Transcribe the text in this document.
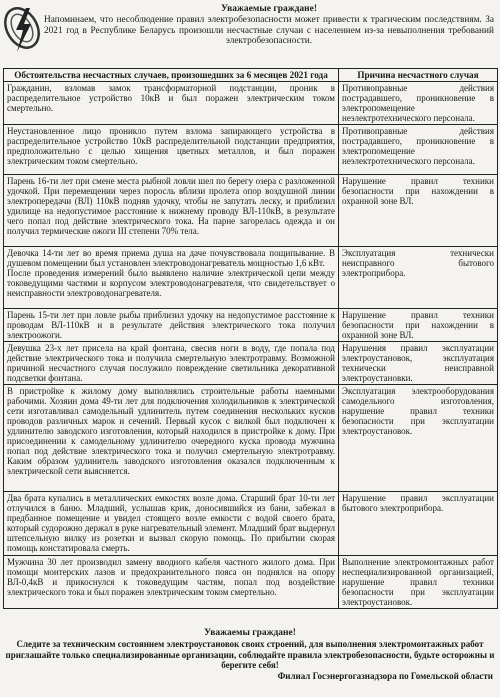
Уважаемые граждане!
Напоминаем, что несоблюдение правил электробезопасности может привести к трагическим последствиям. За 2021 год в Республике Беларусь произошли несчастные случаи с населением из-за невыполнения требований электробезопасности.
Обстоятельства несчастных случаев, произошедших за 6 месяцев 2021 года	Причина несчастного случая
Гражданин, взломав замок трансформаторной подстанции, проник в распределительное устройство 10кВ и был поражен электрическим током смертельно.	Противоправные действия пострадавшего, проникновение в электропомещение неэлектротехнического персонала.
Неустановленное лицо проникло путем взлома запирающего устройства в распределительное устройство 10кВ распределительной подстанции предприятия, предположительно с целью хищения цветных металлов, и был поражен электрическим током смертельно.	Противоправные действия пострадавшего, проникновение в электропомещение неэлектротехнического персонала.
Парень 16-ти лет при смене места рыбной ловли шел по берегу озера с разложенной удочкой. При перемещении через поросль вблизи пролета опор воздушной линии электропередачи (ВЛ) 110кВ подняв удочку, чтобы не запутать леску, и приблизил удилище на недопустимое расстояние к нижнему проводу ВЛ-110кВ, в результате чего попал под действие электрического тока. На парне загорелась одежда и он получил термические ожоги III степени 70% тела.	Нарушение правил техники безопасности при нахождении в охранной зоне ВЛ.
Девочка 14-ти лет во время приема душа на даче почувствовала пощипывание. В душевом помещении был установлен электроводонагреватель мощностью 1,6 кВт.
После проведения измерений было выявлено наличие электрической цепи между токоведущими частями и корпусом электроводонагревателя, что свидетельствует о неисправности электроводонагревателя.	Эксплуатация технически неисправного бытового электроприбора.
Парень 15-ти лет при ловле рыбы приблизил удочку на недопустимое расстояние к проводам ВЛ-110кВ и в результате действия электрического тока получил электроожоги.	Нарушение правил техники безопасности при нахождении в охранной зоне ВЛ.
Девушка 23-х лет присела на край фонтана, свесив ноги в воду, где попала под действие электрического тока и получила смертельную электротравму. Возможной причиной несчастного случая послужило повреждение светильника декоративной подсветки фонтана.	Нарушения правил эксплуатации электроустановок, эксплуатация технически неисправной электроустановки.
В пристройке к жилому дому выполнялись строительные работы наемными рабочими. Хозяин дома 49-ти лет для подключения холодильников к электрической сети изготавливал самодельный удлинитель путем соединения нескольких кусков проводов различных марок и сечений. Первый кусок с вилкой был подключен к удлинителю заводского изготовления, который находился в пристройке к дому. При присоединении к самодельному удлинителю очередного куска провода мужчина попал под действие электрического тока и получил смертельную электротравму. Каким образом удлинитель заводского изготовления оказался подключенным к электрической сети выясняется.	Эксплуатация электрооборудования самодельного изготовления, нарушение правил техники безопасности при эксплуатации электроустановок.
Два брата купались в металлических емкостях возле дома. Старший брат 10-ти лет отлучился в баню. Младший, услышав крик, доносившийся из бани, забежал в предбанное помещение и увидел стоящего возле емкости с водой своего брата, который судорожно держал в руке нагревательный элемент. Младший брат выдернул штепсельную вилку из розетки и вызвал скорую помощь. По прибытии скорая помощь констатировала смерть.	Нарушение правил эксплуатации бытового электроприбора.
Мужчина 30 лет производил замену вводного кабеля частного жилого дома. При помощи монтерских лазов и предохранительного пояса он поднялся на опору ВЛ-0,4кВ и прикоснулся к токоведущим частям, попал под воздействие электрического тока и был поражен электрическим током смертельно.	Выполнение электромонтажных работ неспециализированной организацией, нарушение правил техники безопасности при эксплуатации электроустановок.
Уважаемы граждане!
Следите за техническим состоянием электроустановок своих строений, для выполнения электромонтажных работ приглашайте только специализированные организации, соблюдайте правила электробезопасности, будьте осторожны и берегите себя!
Филиал Госэнергогазнадзора по Гомельской области
